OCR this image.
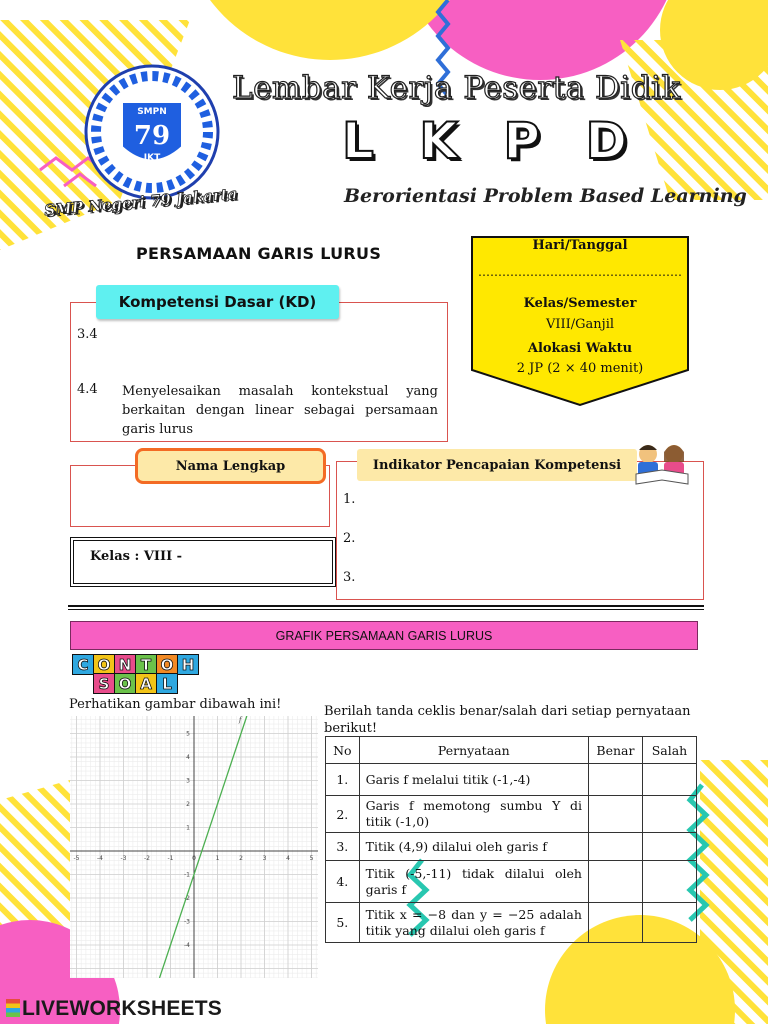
SMPN
79
JKT
Lembar Kerja Peserta Didik
L K P D
Berorientasi Problem Based Learning
SMP Negeri 79 Jakarta
PERSAMAAN GARIS LURUS	Hari/Tanggal
……………………………………………
Kelas/Semester
VIII/Ganjil
Alokasi Waktu
2 JP (2 × 40 menit)
Kompetensi Dasar (KD)
3.4
4.4 Menyelesaikan masalah kontekstual yang berkaitan dengan linear sebagai persamaan garis lurus
Nama Lengkap
Kelas : VIII -
Indikator Pencapaian Kompetensi
1.
2.
3.
GRAFIK PERSAMAAN GARIS LURUS
C O N T O H
S O A L
Perhatikan gambar dibawah ini!	Berilah tanda ceklis benar/salah dari setiap pernyataan berikut!
-5	-4	-3	-2	-1	0	1	2	3	4	5
-4
-3
-2
-1
1
2
3
4
5
f
No	Pernyataan	Benar	Salah
1.	Garis f melalui titik (-1,-4)		
2.	Garis f memotong sumbu Y di titik (-1,0)		
3.	Titik (4,9) dilalui oleh garis f		
4.	Titik (-5,-11) tidak dilalui oleh garis f		
5.	Titik x = −8 dan y = −25 adalah titik yang dilalui oleh garis f		
LIVEWORKSHEETS
